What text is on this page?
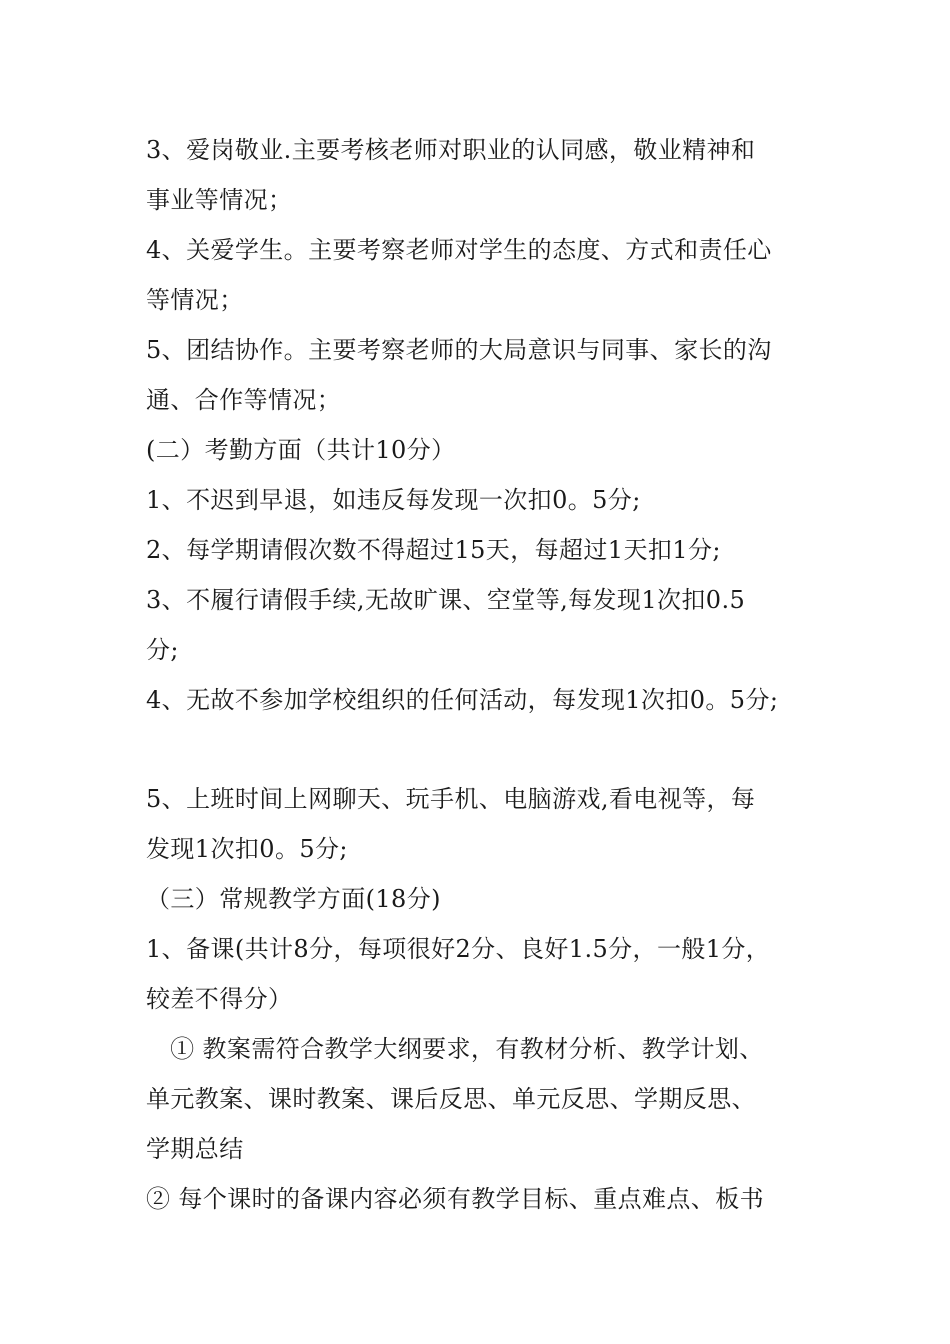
3、爱岗敬业.主要考核老师对职业的认同感，敬业精神和
事业等情况；
4、关爱学生。主要考察老师对学生的态度、方式和责任心
等情况；
5、团结协作。主要考察老师的大局意识与同事、家长的沟
通、合作等情况；
(二）考勤方面（共计10分）
1、不迟到早退，如违反每发现一次扣0。5分;
2、每学期请假次数不得超过15天，每超过1天扣1分;
3、不履行请假手续,无故旷课、空堂等,每发现1次扣0.5
分;
4、无故不参加学校组织的任何活动，每发现1次扣0。5分;
5、上班时间上网聊天、玩手机、电脑游戏,看电视等，每
发现1次扣0。5分;
（三）常规教学方面(18分)
1、备课(共计8分，每项很好2分、良好1.5分，一般1分，
较差不得分）
① 教案需符合教学大纲要求，有教材分析、教学计划、
单元教案、课时教案、课后反思、单元反思、学期反思、
学期总结
② 每个课时的备课内容必须有教学目标、重点难点、板书
